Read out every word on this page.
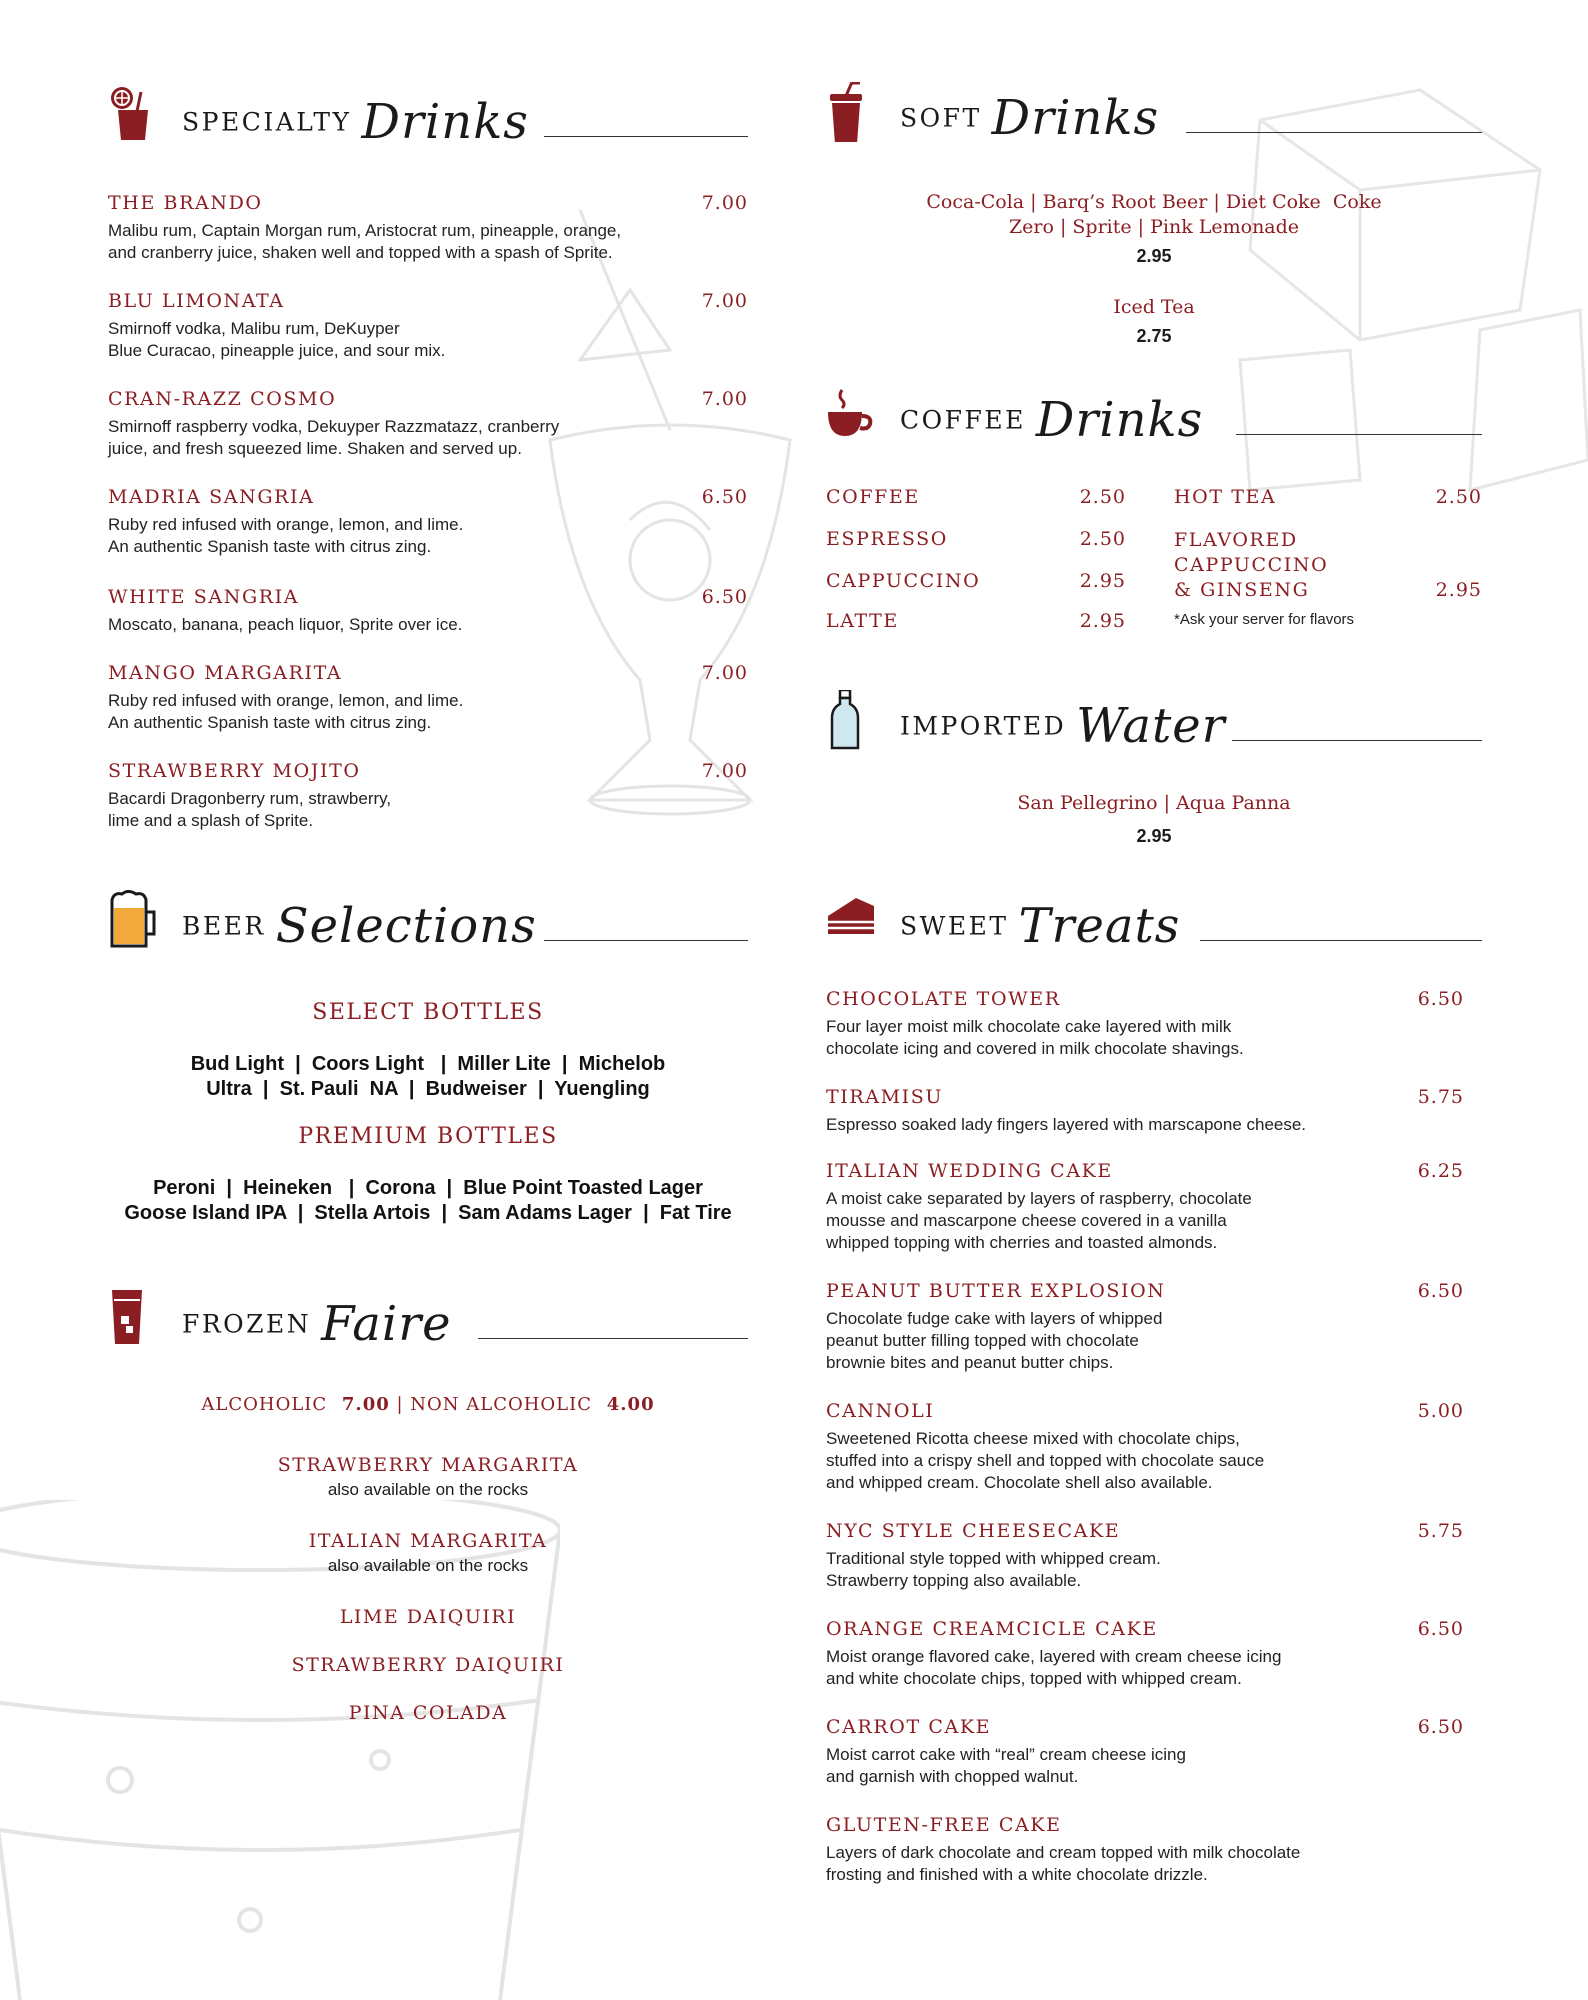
SPECIALTY Drinks
THE BRANDO	7.00
Malibu rum, Captain Morgan rum, Aristocrat rum, pineapple, orange,
and cranberry juice, shaken well and topped with a spash of Sprite.
BLU LIMONATA	7.00
Smirnoff vodka, Malibu rum, DeKuyper
Blue Curacao, pineapple juice, and sour mix.
CRAN-RAZZ COSMO	7.00
Smirnoff raspberry vodka, Dekuyper Razzmatazz, cranberry
juice, and fresh squeezed lime. Shaken and served up.
MADRIA SANGRIA	6.50
Ruby red infused with orange, lemon, and lime.
An authentic Spanish taste with citrus zing.
WHITE SANGRIA	6.50
Moscato, banana, peach liquor, Sprite over ice.
MANGO MARGARITA	7.00
Ruby red infused with orange, lemon, and lime.
An authentic Spanish taste with citrus zing.
STRAWBERRY MOJITO	7.00
Bacardi Dragonberry rum, strawberry,
lime and a splash of Sprite.
BEER Selections
SELECT BOTTLES
Bud Light  |  Coors Light   |  Miller Lite  |  Michelob
Ultra  |  St. Pauli  NA  |  Budweiser  |  Yuengling
PREMIUM BOTTLES
Peroni  |  Heineken   |  Corona  |  Blue Point Toasted Lager
Goose Island IPA  |  Stella Artois  |  Sam Adams Lager  |  Fat Tire
FROZEN Faire
ALCOHOLIC 7.00 | NON ALCOHOLIC 4.00
STRAWBERRY MARGARITA
also available on the rocks
ITALIAN MARGARITA
also available on the rocks
LIME DAIQUIRI
STRAWBERRY DAIQUIRI
PINA COLADA
SOFT Drinks
Coca-Cola | Barq’s Root Beer | Diet Coke  Coke
Zero | Sprite | Pink Lemonade
2.95
Iced Tea
2.75
COFFEE Drinks
COFFEE	2.50
ESPRESSO	2.50
CAPPUCCINO	2.95
LATTE	2.95
HOT TEA	2.50
FLAVORED
CAPPUCCINO
& GINSENG	2.95
*Ask your server for flavors
IMPORTED Water
San Pellegrino | Aqua Panna
2.95
SWEET Treats
CHOCOLATE TOWER	6.50
Four layer moist milk chocolate cake layered with milk
chocolate icing and covered in milk chocolate shavings.
TIRAMISU	5.75
Espresso soaked lady fingers layered with marscapone cheese.
ITALIAN WEDDING CAKE	6.25
A moist cake separated by layers of raspberry, chocolate
mousse and mascarpone cheese covered in a vanilla
whipped topping with cherries and toasted almonds.
PEANUT BUTTER EXPLOSION	6.50
Chocolate fudge cake with layers of whipped
peanut butter filling topped with chocolate
brownie bites and peanut butter chips.
CANNOLI	5.00
Sweetened Ricotta cheese mixed with chocolate chips,
stuffed into a crispy shell and topped with chocolate sauce
and whipped cream. Chocolate shell also available.
NYC STYLE CHEESECAKE	5.75
Traditional style topped with whipped cream.
Strawberry topping also available.
ORANGE CREAMCICLE CAKE	6.50
Moist orange flavored cake, layered with cream cheese icing
and white chocolate chips, topped with whipped cream.
CARROT CAKE	6.50
Moist carrot cake with “real” cream cheese icing
and garnish with chopped walnut.
GLUTEN-FREE CAKE
Layers of dark chocolate and cream topped with milk chocolate
frosting and finished with a white chocolate drizzle.
